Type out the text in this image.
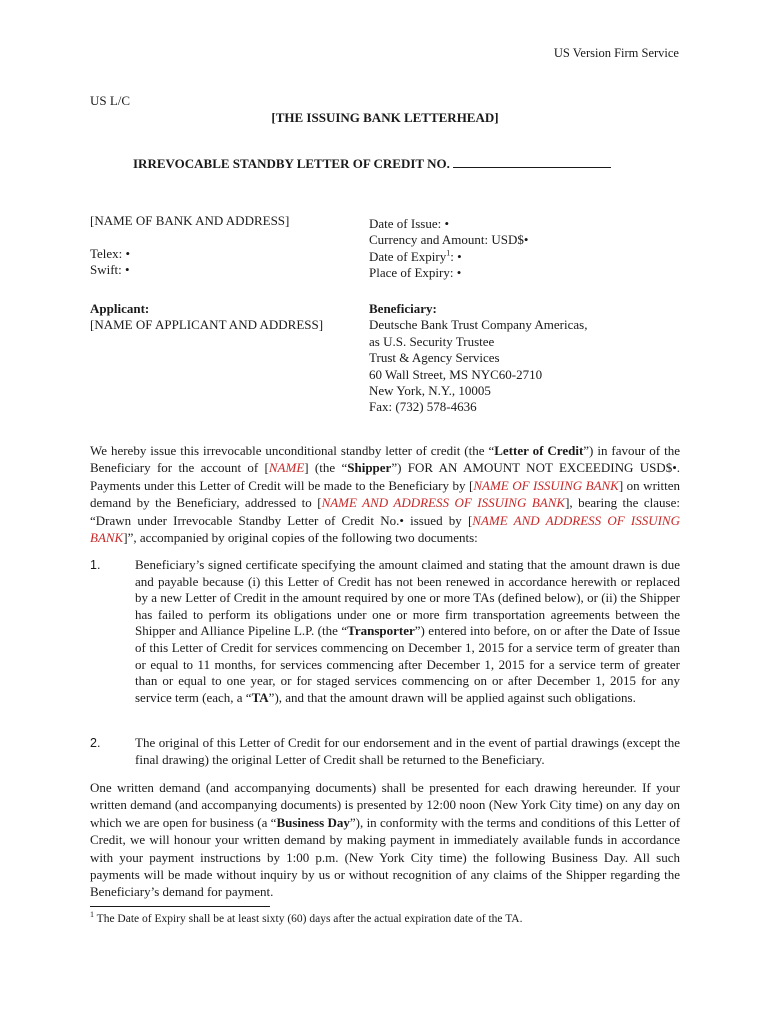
US Version Firm Service
US L/C
[THE ISSUING BANK LETTERHEAD]
IRREVOCABLE STANDBY LETTER OF CREDIT NO.
[NAME OF BANK AND ADDRESS]
Telex: •
Swift: •
Date of Issue: •
Currency and Amount: USD$•
Date of Expiry$^1$: •
Place of Expiry: •
Applicant:
[NAME OF APPLICANT AND ADDRESS]
Beneficiary:
Deutsche Bank Trust Company Americas,
as U.S. Security Trustee
Trust & Agency Services
60 Wall Street, MS NYC60-2710
New York, N.Y., 10005
Fax: (732) 578-4636
We hereby issue this irrevocable unconditional standby letter of credit (the “Letter of Credit”) in favour of the Beneficiary for the account of [NAME] (the “Shipper”) FOR AN AMOUNT NOT EXCEEDING USD$•. Payments under this Letter of Credit will be made to the Beneficiary by [NAME OF ISSUING BANK] on written demand by the Beneficiary, addressed to [NAME AND ADDRESS OF ISSUING BANK], bearing the clause: “Drawn under Irrevocable Standby Letter of Credit No.• issued by [NAME AND ADDRESS OF ISSUING BANK]”, accompanied by original copies of the following two documents:
1.	Beneficiary’s signed certificate specifying the amount claimed and stating that the amount drawn is due and payable because (i) this Letter of Credit has not been renewed in accordance herewith or replaced by a new Letter of Credit in the amount required by one or more TAs (defined below), or (ii) the Shipper has failed to perform its obligations under one or more firm transportation agreements between the Shipper and Alliance Pipeline L.P. (the “Transporter”) entered into before, on or after the Date of Issue of this Letter of Credit for services commencing on December 1, 2015 for a service term of greater than or equal to 11 months, for services commencing after December 1, 2015 for a service term of greater than or equal to one year, or for staged services commencing on or after December 1, 2015 for any service term (each, a “TA”), and that the amount drawn will be applied against such obligations.
2.	The original of this Letter of Credit for our endorsement and in the event of partial drawings (except the final drawing) the original Letter of Credit shall be returned to the Beneficiary.
One written demand (and accompanying documents) shall be presented for each drawing hereunder. If your written demand (and accompanying documents) is presented by 12:00 noon (New York City time) on any day on which we are open for business (a “Business Day”), in conformity with the terms and conditions of this Letter of Credit, we will honour your written demand by making payment in immediately available funds in accordance with your payment instructions by 1:00 p.m. (New York City time) the following Business Day. All such payments will be made without inquiry by us or without recognition of any claims of the Shipper regarding the Beneficiary’s demand for payment.
$^1$ The Date of Expiry shall be at least sixty (60) days after the actual expiration date of the TA.
